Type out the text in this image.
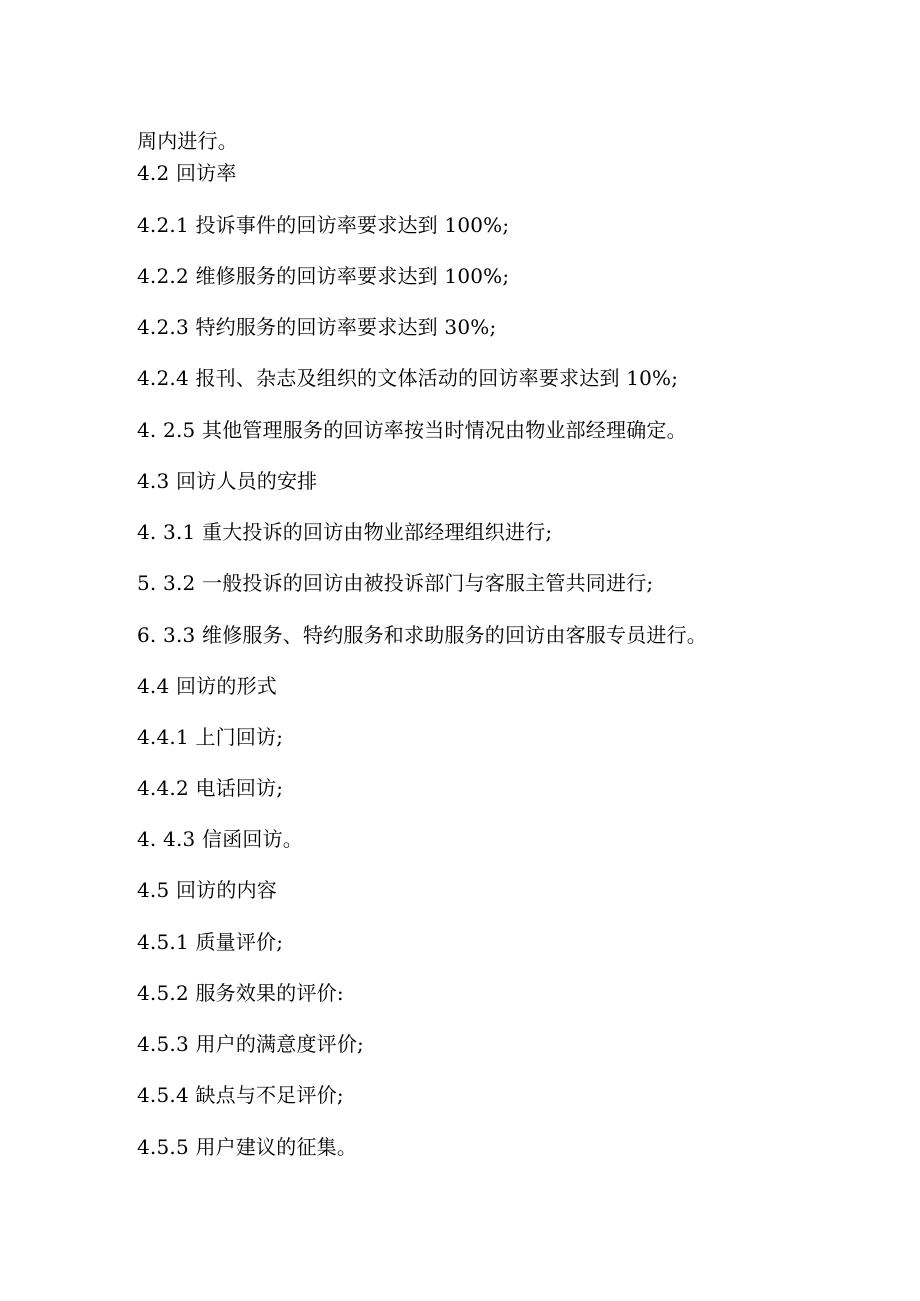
周内进行。
4.2 回访率
4.2.1 投诉事件的回访率要求达到 100%;
4.2.2 维修服务的回访率要求达到 100%;
4.2.3 特约服务的回访率要求达到 30%;
4.2.4 报刊、杂志及组织的文体活动的回访率要求达到 10%;
4. 2.5 其他管理服务的回访率按当时情况由物业部经理确定。
4.3 回访人员的安排
4. 3.1 重大投诉的回访由物业部经理组织进行;
5. 3.2 一般投诉的回访由被投诉部门与客服主管共同进行;
6. 3.3 维修服务、特约服务和求助服务的回访由客服专员进行。
4.4 回访的形式
4.4.1 上门回访;
4.4.2 电话回访;
4. 4.3 信函回访。
4.5 回访的内容
4.5.1 质量评价;
4.5.2 服务效果的评价:
4.5.3 用户的满意度评价;
4.5.4 缺点与不足评价;
4.5.5 用户建议的征集。
